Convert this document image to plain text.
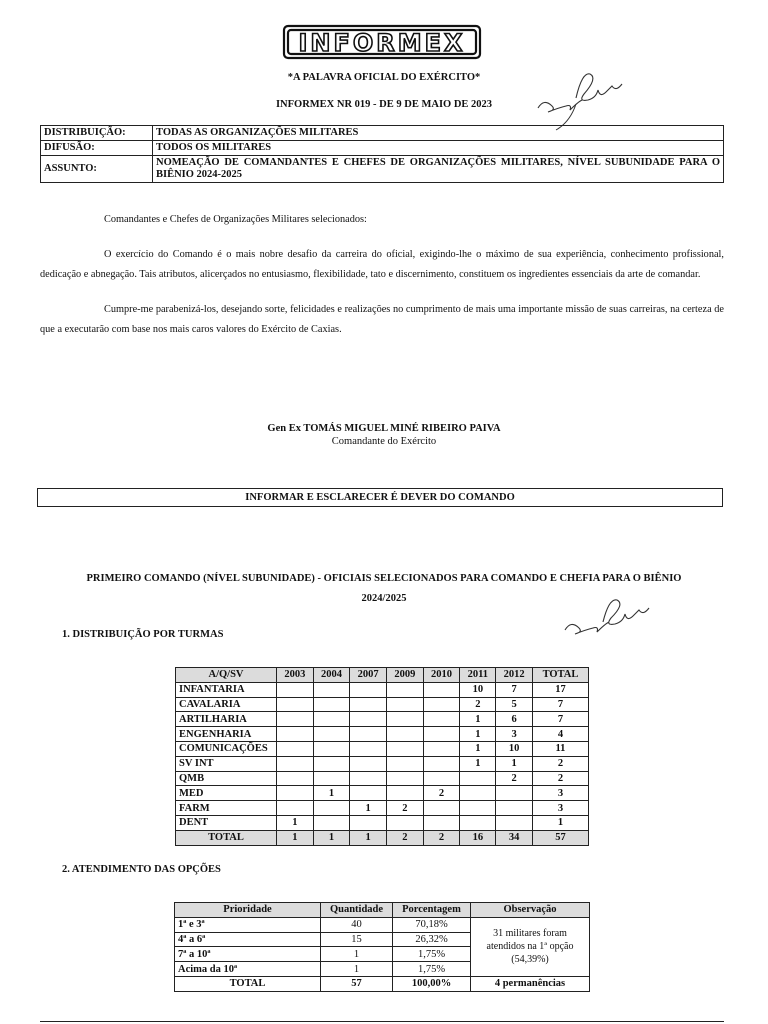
INFORMEX
*A PALAVRA OFICIAL DO EXÉRCITO*
INFORMEX NR 019 - DE 9 DE MAIO DE 2023
DISTRIBUIÇÃO:	TODAS AS ORGANIZAÇÕES MILITARES
DIFUSÃO:	TODOS OS MILITARES
ASSUNTO:	NOMEAÇÃO DE COMANDANTES E CHEFES DE ORGANIZAÇÕES MILITARES, NÍVEL SUBUNIDADE PARA O BIÊNIO 2024-2025

Comandantes e Chefes de Organizações Militares selecionados:

O exercício do Comando é o mais nobre desafio da carreira do oficial, exigindo-lhe o máximo de sua experiência, conhecimento profissional, dedicação e abnegação. Tais atributos, alicerçados no entusiasmo, flexibilidade, tato e discernimento, constituem os ingredientes essenciais da arte de comandar.

Cumpre-me parabenizá-los, desejando sorte, felicidades e realizações no cumprimento de mais uma importante missão de suas carreiras, na certeza de que a executarão com base nos mais caros valores do Exército de Caxias.

Gen Ex TOMÁS MIGUEL MINÉ RIBEIRO PAIVA
Comandante do Exército
INFORMAR E ESCLARECER É DEVER DO COMANDO
PRIMEIRO COMANDO (NÍVEL SUBUNIDADE) - OFICIAIS SELECIONADOS PARA COMANDO E CHEFIA PARA O BIÊNIO
2024/2025
1. DISTRIBUIÇÃO POR TURMAS
A/Q/SV	2003	2004	2007	2009	2010	2011	2012	TOTAL
INFANTARIA						10	7	17
CAVALARIA						2	5	7
ARTILHARIA						1	6	7
ENGENHARIA						1	3	4
COMUNICAÇÕES						1	10	11
SV INT						1	1	2
QMB							2	2
MED		1			2			3
FARM			1	2				3
DENT	1							1
TOTAL	1	1	1	2	2	16	34	57
2. ATENDIMENTO DAS OPÇÕES
Prioridade	Quantidade	Porcentagem	Observação
1ª e 3ª	40	70,18%	31 militares foram atendidos na 1ª opção (54,39%)
4ª a 6ª	15	26,32%	
7ª a 10ª	1	1,75%	
Acima da 10ª	1	1,75%	
TOTAL	57	100,00%	4 permanências
